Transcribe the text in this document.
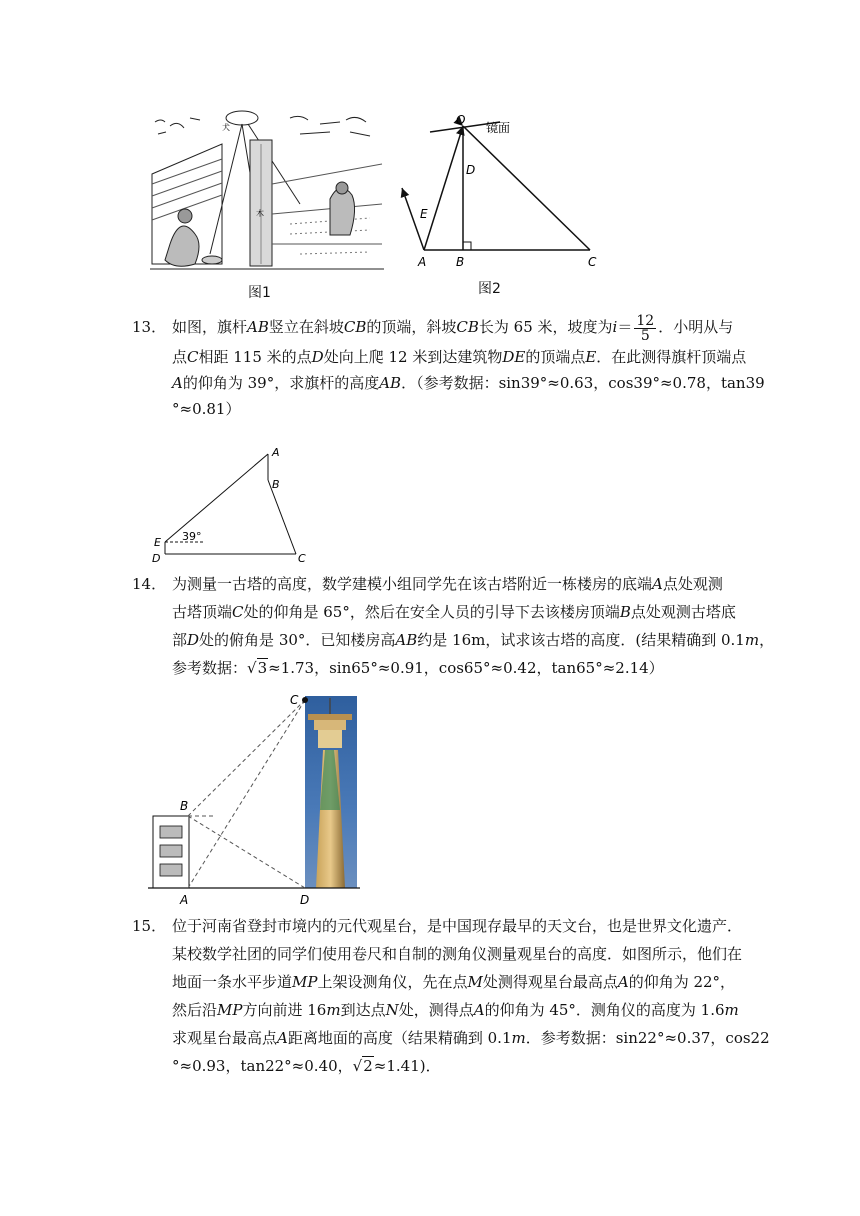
犬
木
图1
O
镜面
D
E
A B	C
图2
13． 如图，旗杆AB竖立在斜坡CB的顶端，斜坡CB长为 65 米，坡度为$i= \frac{12}{5}$ ．小明从与
点C相距 115 米的点D处向上爬 12 米到达建筑物DE的顶端点E．在此测得旗杆顶端点
A的仰角为 39°，求旗杆的高度AB．（参考数据：sin39°≈0.63，cos39°≈0.78，tan39
°≈0.81）
A
B
C
D
E 39°
14． 为测量一古塔的高度，数学建模小组同学先在该古塔附近一栋楼房的底端A点处观测
古塔顶端C处的仰角是 65°，然后在安全人员的引导下去该楼房顶端B点处观测古塔底
部D处的俯角是 30°．已知楼房高AB约是 16m，试求该古塔的高度．(结果精确到 0.1m，
参考数据：√3≈1.73，sin65°≈0.91，cos65°≈0.42，tan65°≈2.14）
C
B
A	D
15． 位于河南省登封市境内的元代观星台，是中国现存最早的天文台，也是世界文化遗产．
某校数学社团的同学们使用卷尺和自制的测角仪测量观星台的高度．如图所示，他们在
地面一条水平步道MP上架设测角仪，先在点M处测得观星台最高点A的仰角为 22°，
然后沿MP方向前进 16m到达点N处，测得点A的仰角为 45°．测角仪的高度为 1.6m
求观星台最高点A距离地面的高度（结果精确到 0.1m．参考数据：sin22°≈0.37，cos22
°≈0.93，tan22°≈0.40，√2≈1.41)．
